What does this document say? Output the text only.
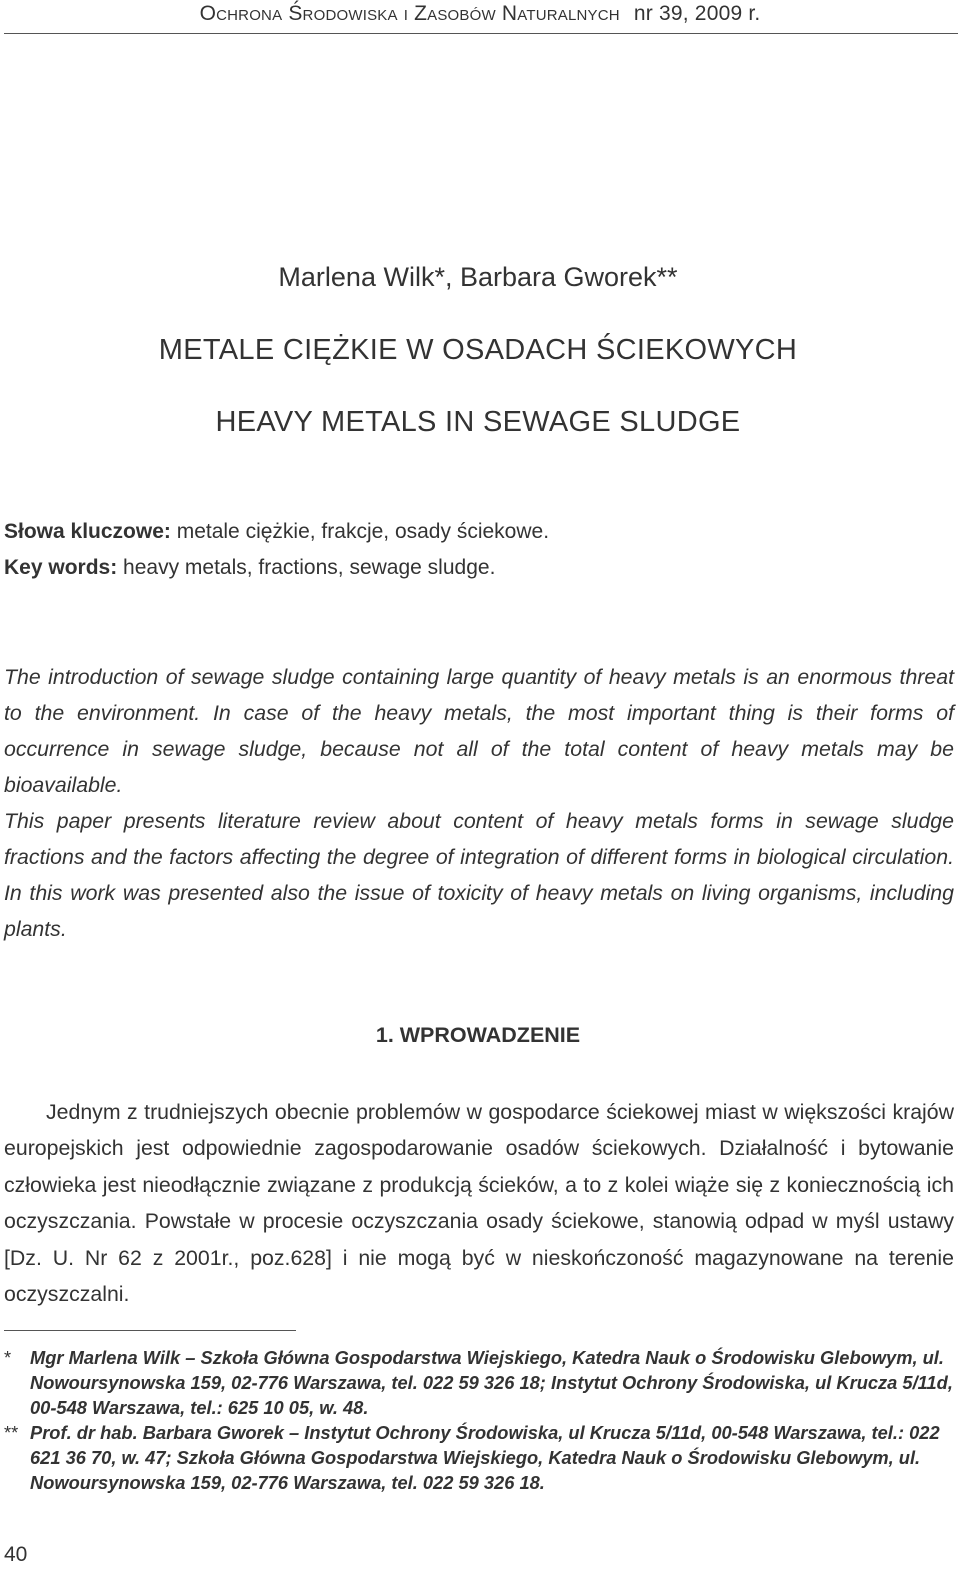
Ochrona Środowiska i Zasobów Naturalnych nr 39, 2009 r.
Marlena Wilk*, Barbara Gworek**
METALE CIĘŻKIE W OSADACH ŚCIEKOWYCH
HEAVY METALS IN SEWAGE SLUDGE
Słowa kluczowe: metale ciężkie, frakcje, osady ściekowe.
Key words: heavy metals, fractions, sewage sludge.

The introduction of sewage sludge containing large quantity of heavy metals is an enormous threat to the environment. In case of the heavy metals, the most important thing is their forms of occurrence in sewage sludge, because not all of the total content of heavy metals may be bioavailable.

This paper presents literature review about content of heavy metals forms in sewage sludge fractions and the factors affecting the degree of integration of different forms in biological circulation. In this work was presented also the issue of toxicity of heavy metals on living organisms, including plants.

1. WPROWADZENIE

Jednym z trudniejszych obecnie problemów w gospodarce ściekowej miast w większości krajów europejskich jest odpowiednie zagospodarowanie osadów ściekowych. Działalność i bytowanie człowieka jest nieodłącznie związane z produkcją ścieków, a to z kolei wiąże się z koniecznością ich oczyszczania. Powstałe w procesie oczyszczania osady ściekowe, stanowią odpad w myśl ustawy [Dz. U. Nr 62 z 2001r., poz.628] i nie mogą być w nieskończoność magazynowane na terenie oczyszczalni.

*	Mgr Marlena Wilk – Szkoła Główna Gospodarstwa Wiejskiego, Katedra Nauk o Środowisku Glebowym, ul. Nowoursynowska 159, 02-776 Warszawa, tel. 022 59 326 18; Instytut Ochrony Środowiska, ul Krucza 5/11d, 00-548 Warszawa, tel.: 625 10 05, w. 48.
** Prof. dr hab. Barbara Gworek – Instytut Ochrony Środowiska, ul Krucza 5/11d, 00-548 Warszawa, tel.: 022 621 36 70, w. 47; Szkoła Główna Gospodarstwa Wiejskiego, Katedra Nauk o Środowisku Glebowym, ul. Nowoursynowska 159, 02-776 Warszawa, tel. 022 59 326 18.
40
